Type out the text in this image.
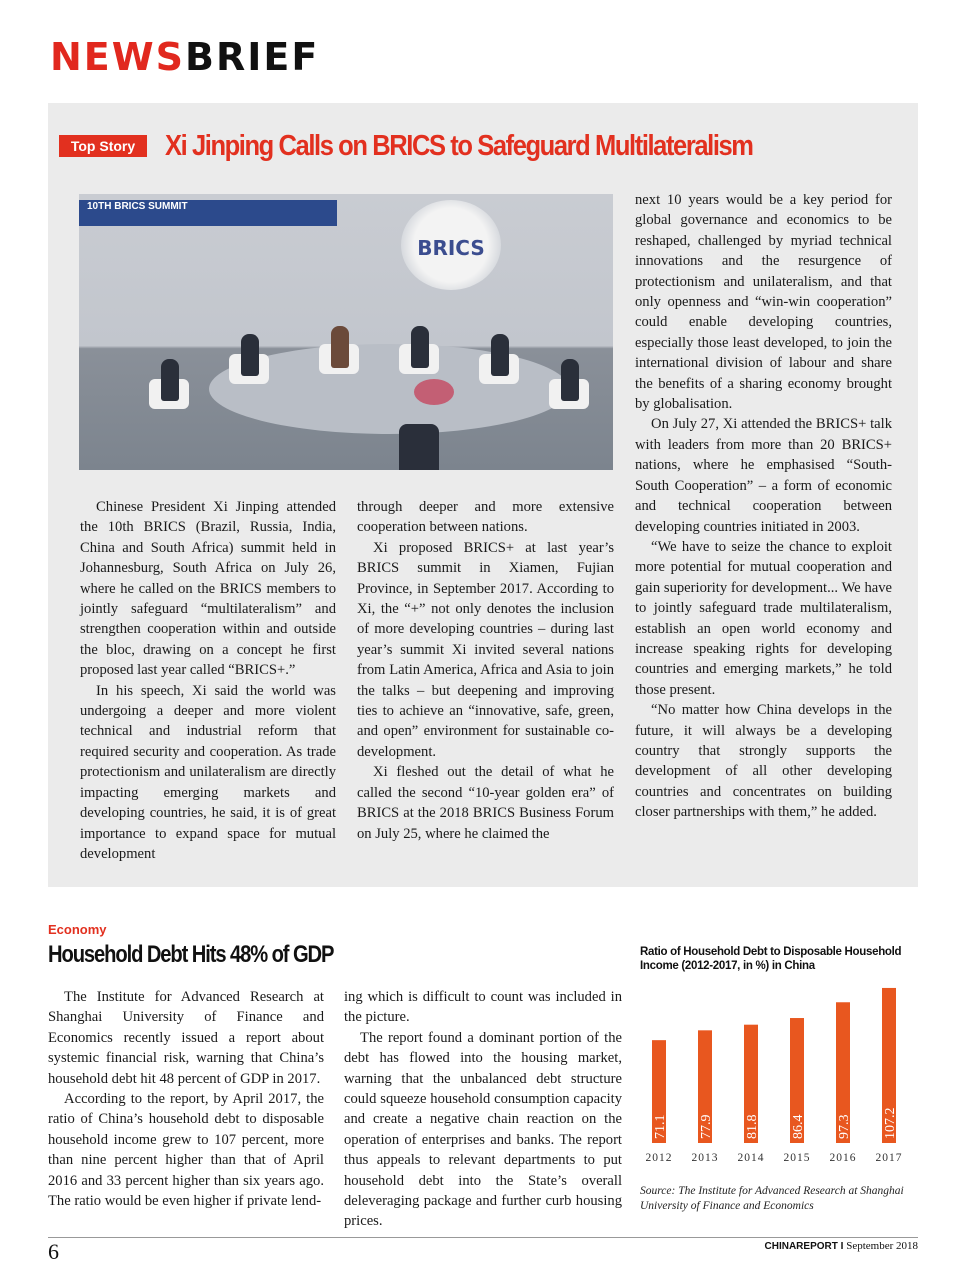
NEWSBRIEF
Top Story	Xi Jinping Calls on BRICS to Safeguard Multilateralism
10TH BRICS SUMMIT
BRICS

Chinese President Xi Jinping attended the 10th BRICS (Brazil, Russia, India, China and South Africa) summit held in Johannesburg, South Africa on July 26, where he called on the BRICS members to jointly safeguard “multilateralism” and strengthen cooperation within and outside the bloc, drawing on a concept he first proposed last year called “BRICS+.”

In his speech, Xi said the world was undergoing a deeper and more violent technical and industrial reform that required security and cooperation. As trade protectionism and unilateralism are directly impacting emerging markets and developing countries, he said, it is of great importance to expand space for mutual development

through deeper and more extensive cooperation between nations.

Xi proposed BRICS+ at last year’s BRICS summit in Xiamen, Fujian Province, in September 2017. According to Xi, the “+” not only denotes the inclusion of more developing countries – during last year’s summit Xi invited several nations from Latin America, Africa and Asia to join the talks – but deepening and improving ties to achieve an “innovative, safe, green, and open” environment for sustainable co-development.

Xi fleshed out the detail of what he called the second “10-year golden era” of BRICS at the 2018 BRICS Business Forum on July 25, where he claimed the

next 10 years would be a key period for global governance and economics to be reshaped, challenged by myriad technical innovations and the resurgence of protectionism and unilateralism, and that only openness and “win-win cooperation” could enable developing countries, especially those least developed, to join the international division of labour and share the benefits of a sharing economy brought by globalisation.

On July 27, Xi attended the BRICS+ talk with leaders from more than 20 BRICS+ nations, where he emphasised “South-South Cooperation” – a form of economic and technical cooperation between developing countries initiated in 2003.

“We have to seize the chance to exploit more potential for mutual cooperation and gain superiority for development... We have to jointly safeguard trade multilateralism, establish an open world economy and increase speaking rights for developing countries and emerging markets,” he told those present.

“No matter how China develops in the future, it will always be a developing country that strongly supports the development of all other developing countries and concentrates on building closer partnerships with them,” he added.

Economy

Household Debt Hits 48% of GDP

The Institute for Advanced Research at Shanghai University of Finance and Economics recently issued a report about systemic financial risk, warning that China’s household debt hit 48 percent of GDP in 2017.

According to the report, by April 2017, the ratio of China’s household debt to disposable household income grew to 107 percent, more than nine percent higher than that of April 2016 and 33 percent higher than six years ago. The ratio would be even higher if private lend-

ing which is difficult to count was included in the picture.

The report found a dominant portion of the debt has flowed into the housing market, warning that the unbalanced debt structure could squeeze household consumption capacity and create a negative chain reaction on the operation of enterprises and banks. The report thus appeals to relevant departments to put household debt into the State’s overall deleveraging package and further curb housing prices.

Ratio of Household Debt to Disposable Household Income (2012-2017, in %) in China

71.1
2012
77.9
2013
81.8
2014
86.4
2015
97.3
2016
107.2
2017

Source: The Institute for Advanced Research at Shanghai University of Finance and Economics

6	CHINAREPORT I September 2018
